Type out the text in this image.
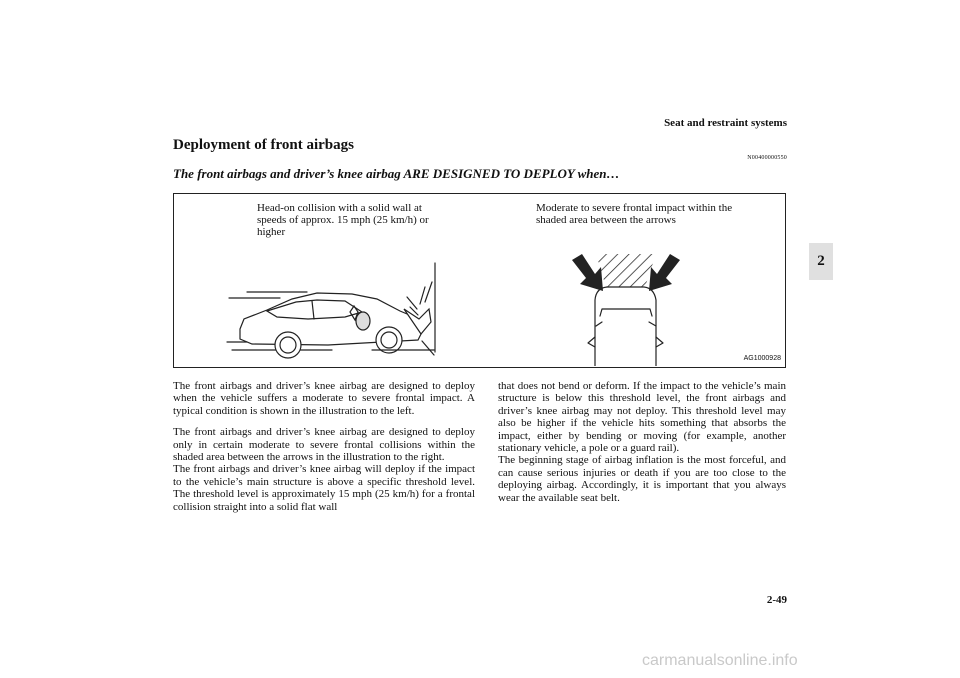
Seat and restraint systems
Deployment of front airbags
N00400000550
The front airbags and driver’s knee airbag ARE DESIGNED TO DEPLOY when…
Head-on collision with a solid wall at speeds of approx. 15 mph (25 km/h) or higher
Moderate to severe frontal impact within the shaded area between the arrows
AG1000928

The front airbags and driver’s knee airbag are designed to deploy when the vehicle suffers a moderate to severe frontal impact. A typical condition is shown in the illustration to the left.

The front airbags and driver’s knee airbag are designed to deploy only in certain moderate to severe frontal collisions within the shaded area between the arrows in the illustration to the right.

The front airbags and driver’s knee airbag will deploy if the impact to the vehicle’s main structure is above a specific threshold level. The threshold level is approximately 15 mph (25 km/h) for a frontal collision straight into a solid flat wall

that does not bend or deform. If the impact to the vehicle’s main structure is below this threshold level, the front airbags and driver’s knee airbag may not deploy. This threshold level may also be higher if the vehicle hits something that absorbs the impact, either by bending or moving (for example, another stationary vehicle, a pole or a guard rail).

The beginning stage of airbag inflation is the most forceful, and can cause serious injuries or death if you are too close to the deploying airbag. Accordingly, it is important that you always wear the available seat belt.

2
2-49
carmanualsonline.info
